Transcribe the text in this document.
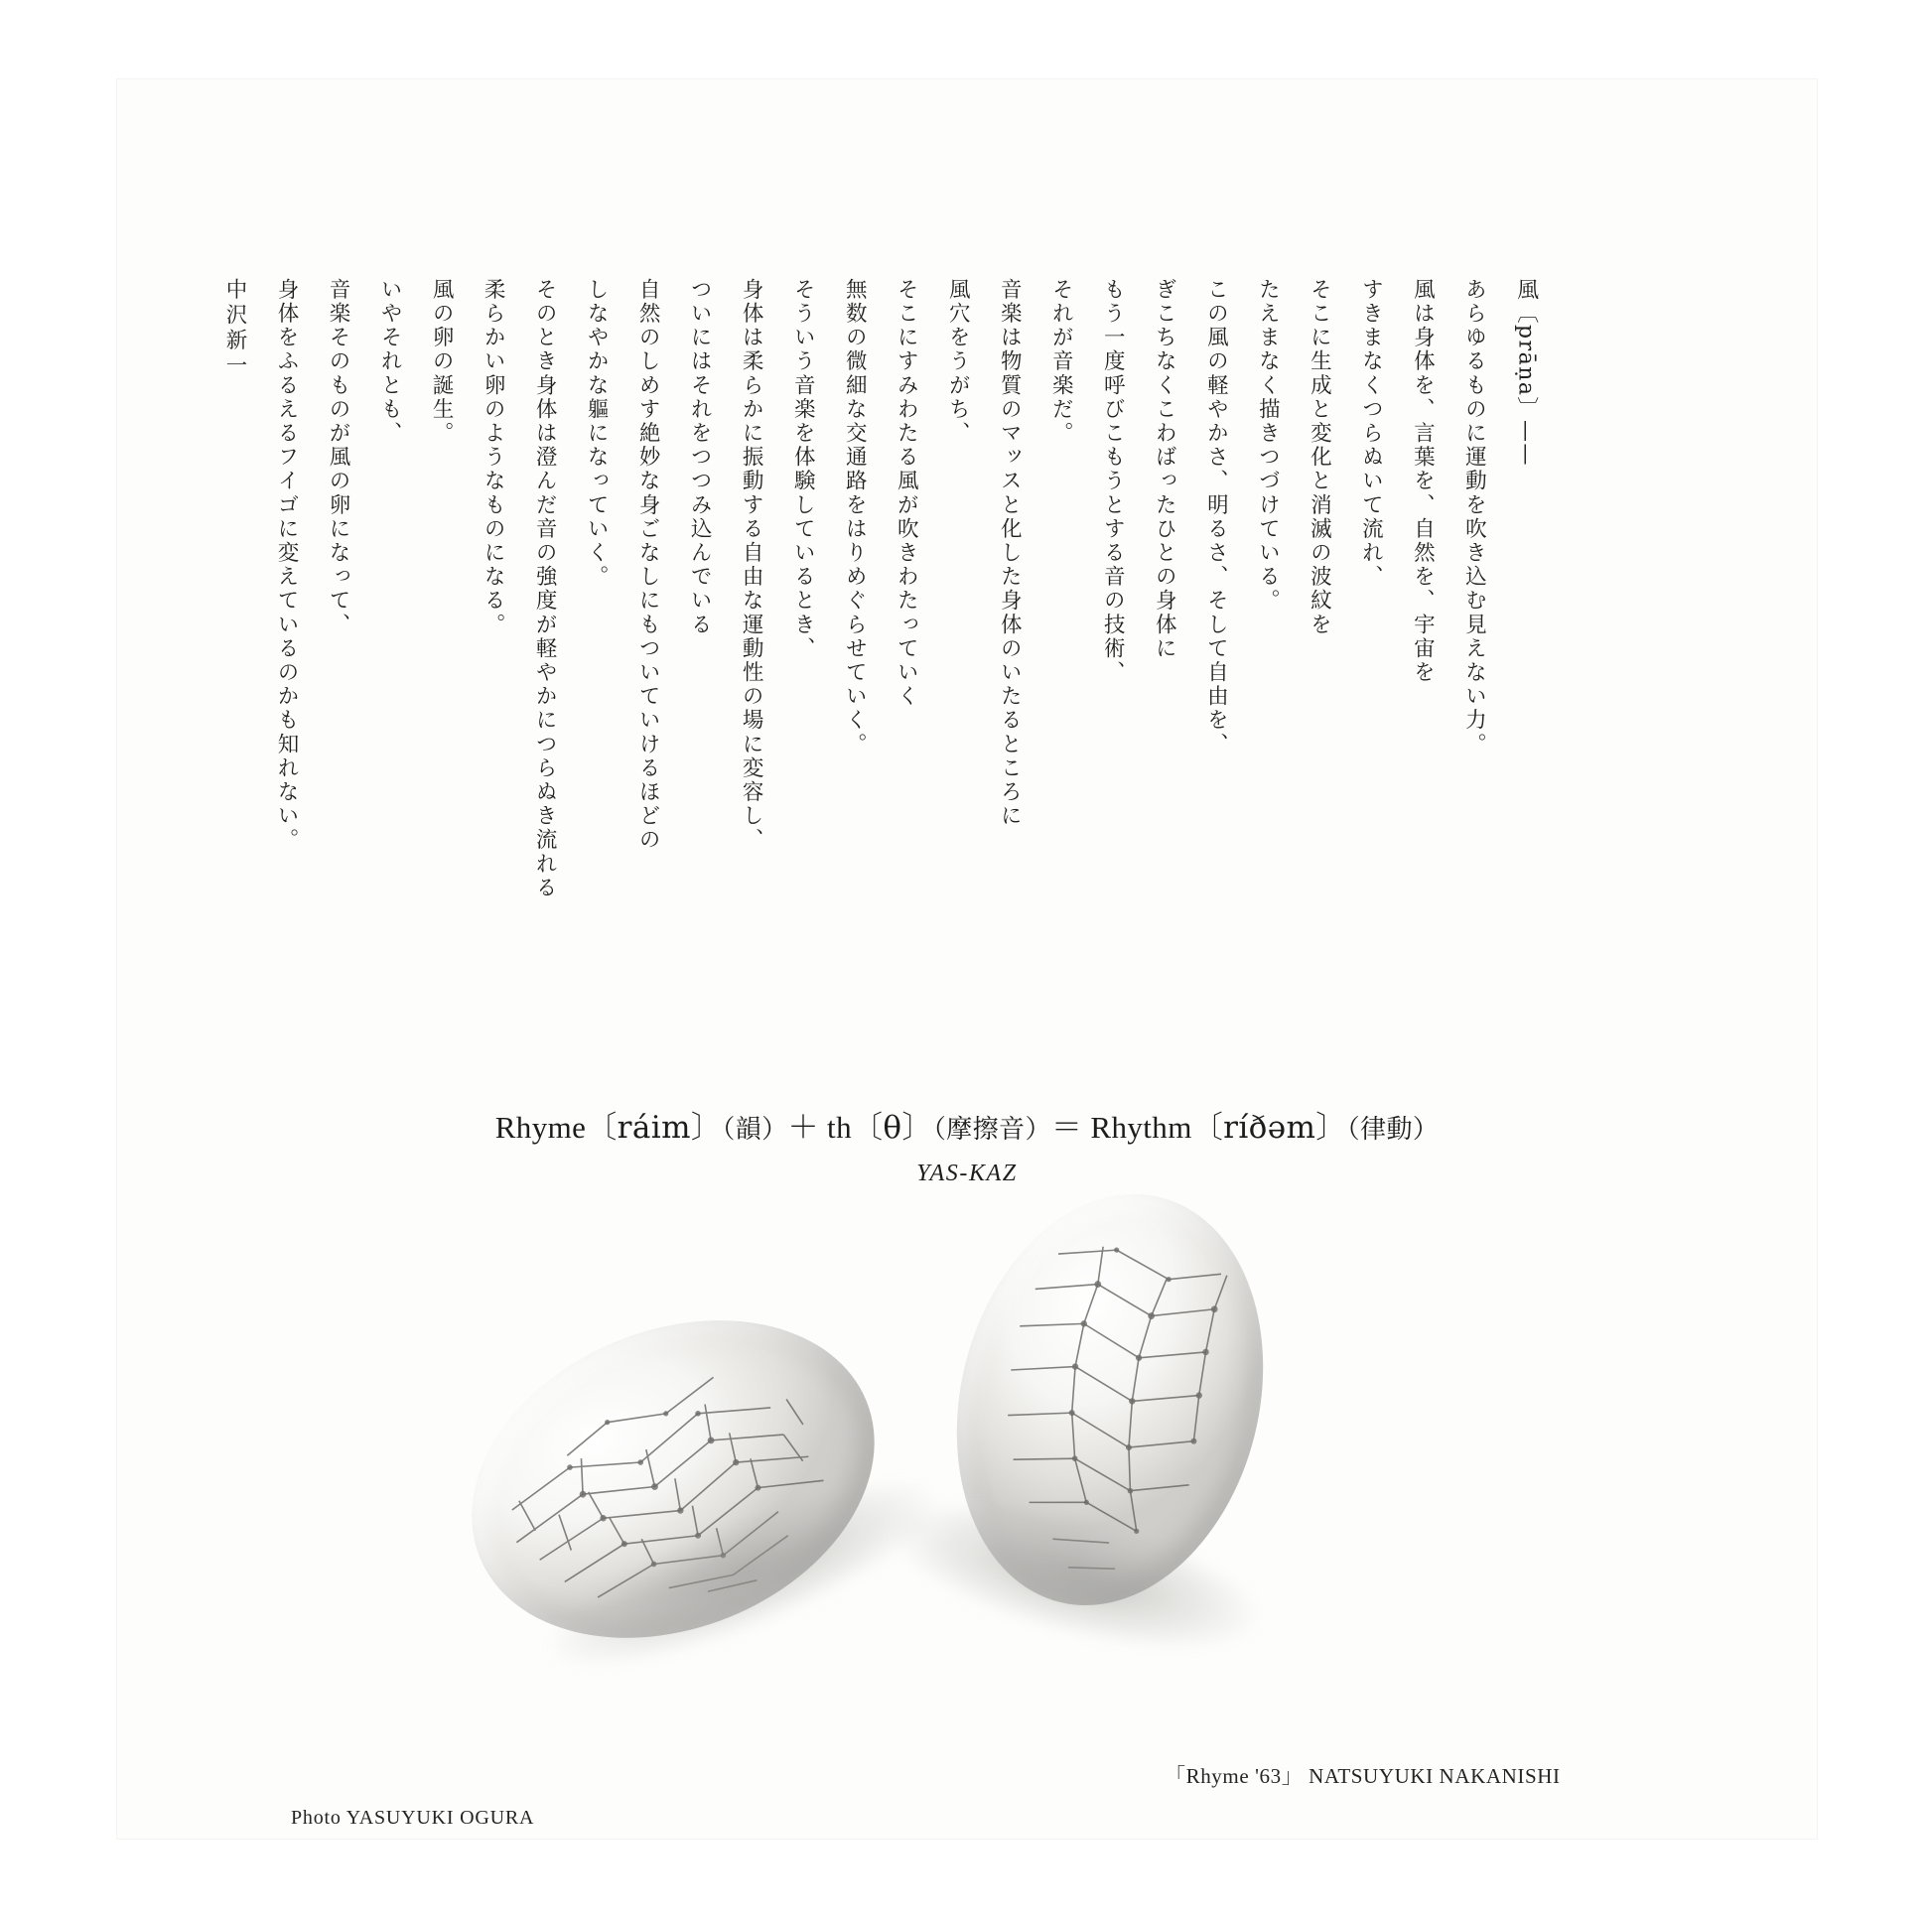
風〔prāṇa〕——

あらゆるものに運動を吹き込む見えない力。

風は身体を、言葉を、自然を、宇宙を

すきまなくつらぬいて流れ、

そこに生成と変化と消滅の波紋を

たえまなく描きつづけている。

この風の軽やかさ、明るさ、そして自由を、

ぎこちなくこわばったひとの身体に

もう一度呼びこもうとする音の技術、

それが音楽だ。

音楽は物質のマッスと化した身体のいたるところに

風穴をうがち、

そこにすみわたる風が吹きわたっていく

無数の微細な交通路をはりめぐらせていく。

そういう音楽を体験しているとき、

身体は柔らかに振動する自由な運動性の場に変容し、

ついにはそれをつつみ込んでいる

自然のしめす絶妙な身ごなしにもついていけるほどの

しなやかな軀になっていく。

そのとき身体は澄んだ音の強度が軽やかにつらぬき流れる

柔らかい卵のようなものになる。

風の卵の誕生。

いやそれとも、

音楽そのものが風の卵になって、

身体をふるえるフイゴに変えているのかも知れない。

中沢新一

Rhyme〔ráim〕（韻）＋ th〔θ〕（摩擦音）＝ Rhythm〔ríðəm〕（律動）
YAS-KAZ
「Rhyme '63」 NATSUYUKI NAKANISHI
Photo YASUYUKI OGURA
